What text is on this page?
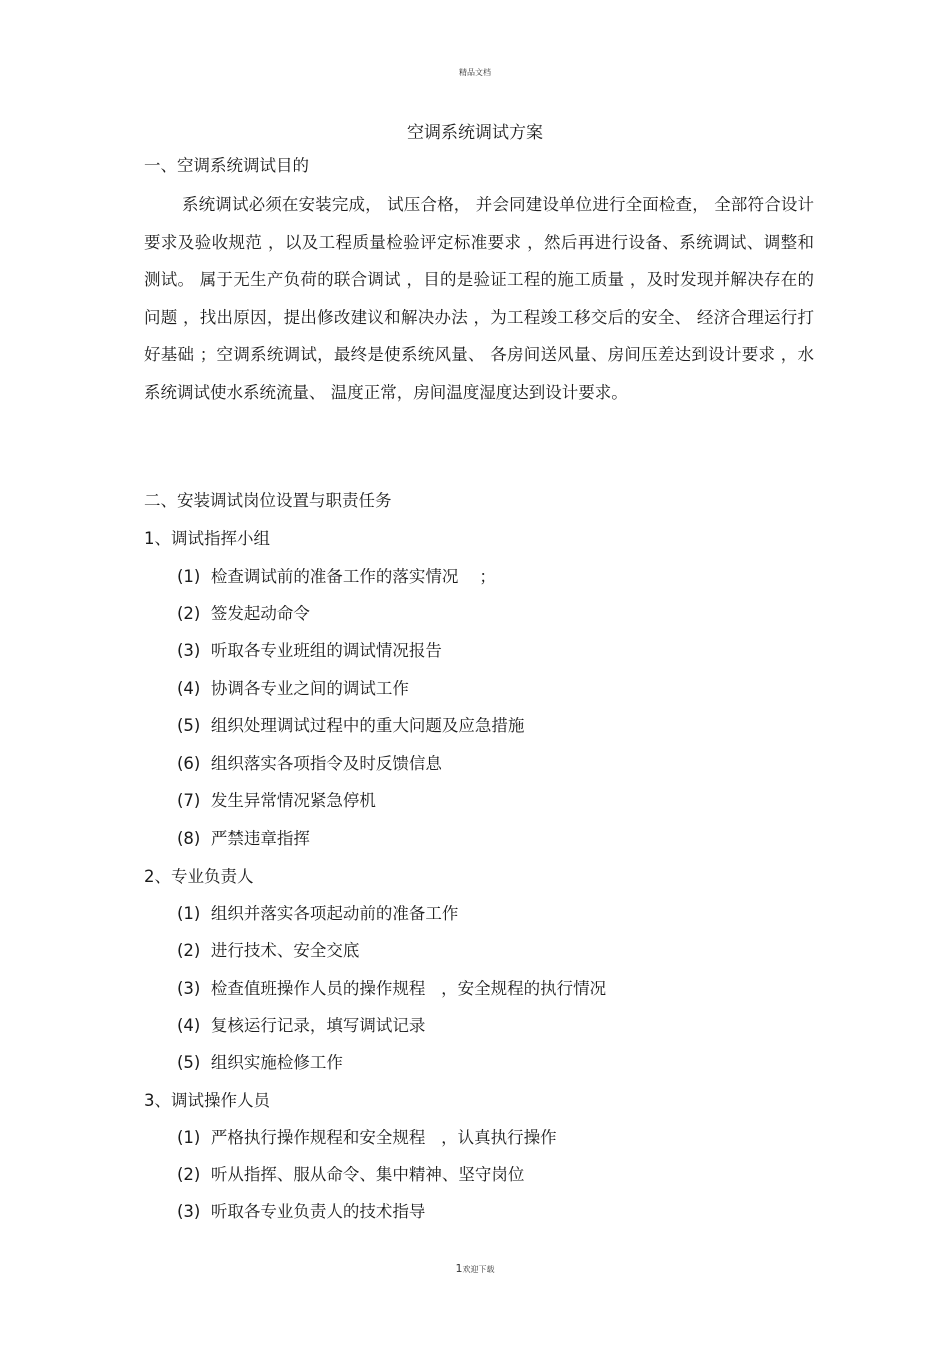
精品文档
空调系统调试方案
一、空调系统调试目的
系统调试必须在安装完成， 试压合格， 并会同建设单位进行全面检查， 全部符合设计要求及验收规范 ，以及工程质量检验评定标准要求 ，然后再进行设备、系统调试、调整和测试。 属于无生产负荷的联合调试 ，目的是验证工程的施工质量 ，及时发现并解决存在的问题 ，找出原因，提出修改建议和解决办法 ，为工程竣工移交后的安全、 经济合理运行打好基础 ；空调系统调试，最终是使系统风量、 各房间送风量、房间压差达到设计要求 ，水系统调试使水系统流量、 温度正常，房间温度湿度达到设计要求。
二、安装调试岗位设置与职责任务
1、调试指挥小组
(1)  检查调试前的准备工作的落实情况    ；
(2)  签发起动命令
(3)  听取各专业班组的调试情况报告
(4)  协调各专业之间的调试工作
(5)  组织处理调试过程中的重大问题及应急措施
(6)  组织落实各项指令及时反馈信息
(7)  发生异常情况紧急停机
(8)  严禁违章指挥
2、专业负责人
(1)  组织并落实各项起动前的准备工作
(2)  进行技术、安全交底
(3)  检查值班操作人员的操作规程   ，安全规程的执行情况
(4)  复核运行记录，填写调试记录
(5)  组织实施检修工作
3、调试操作人员
(1)  严格执行操作规程和安全规程   ，认真执行操作
(2)  听从指挥、服从命令、集中精神、坚守岗位
(3)  听取各专业负责人的技术指导
1欢迎下载
